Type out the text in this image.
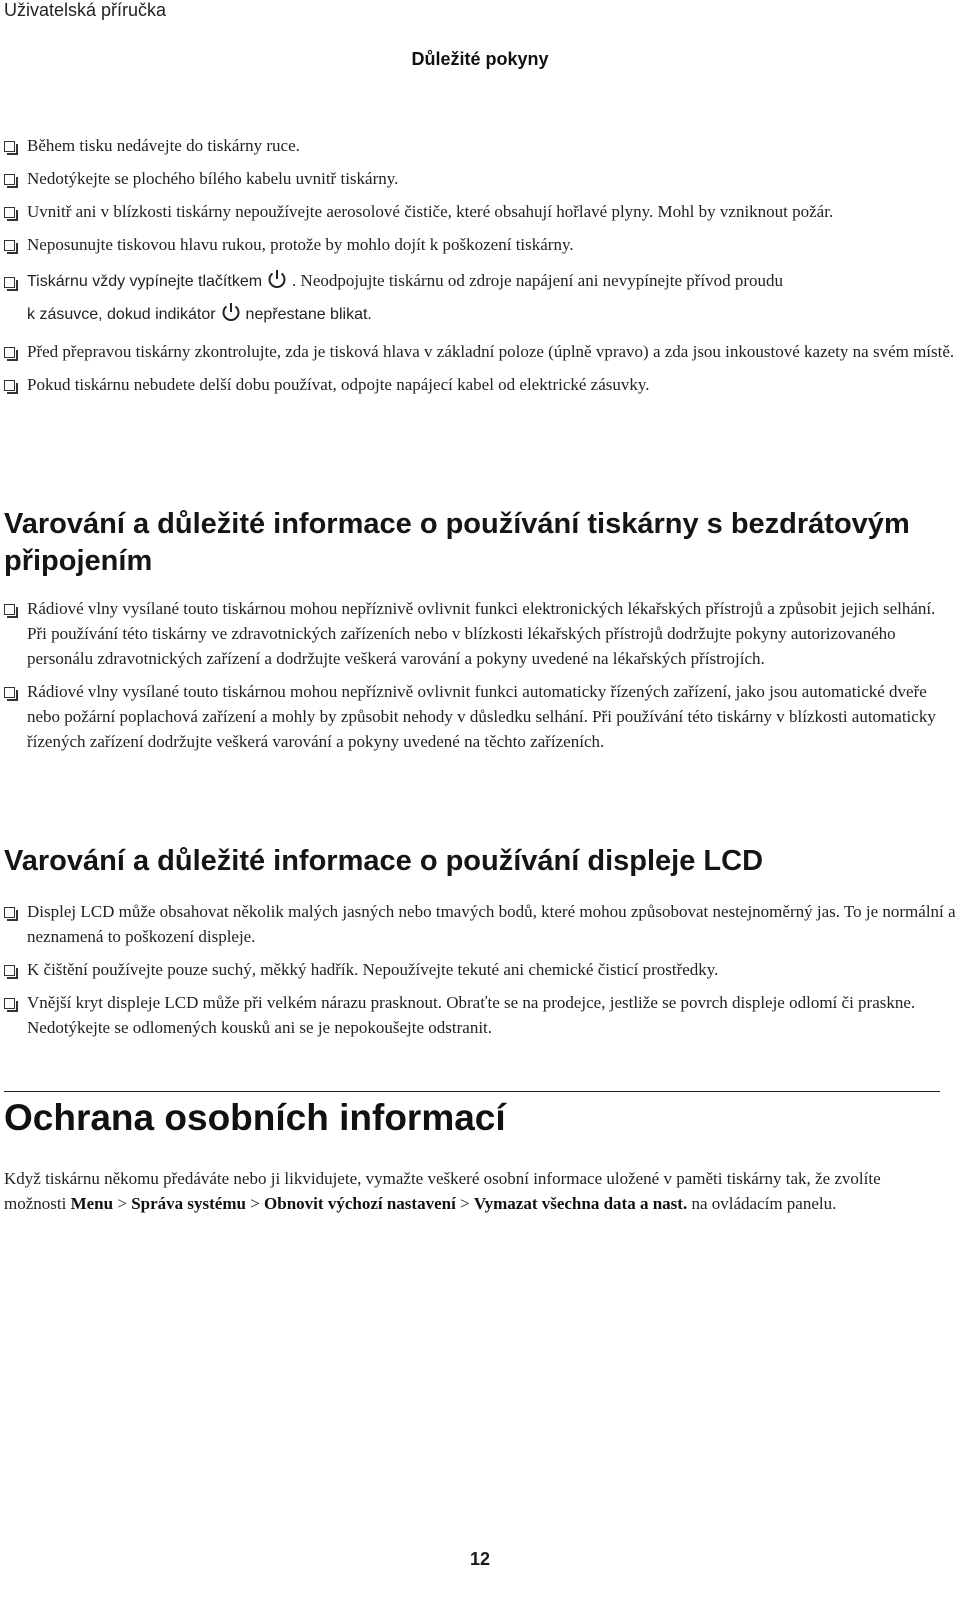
Uživatelská příručka
Důležité pokyny
Během tisku nedávejte do tiskárny ruce.
Nedotýkejte se plochého bílého kabelu uvnitř tiskárny.
Uvnitř ani v blízkosti tiskárny nepoužívejte aerosolové čističe, které obsahují hořlavé plyny. Mohl by vzniknout požár.
Neposunujte tiskovou hlavu rukou, protože by mohlo dojít k poškození tiskárny.
Tiskárnu vždy vypínejte tlačítkem . Neodpojujte tiskárnu od zdroje napájení ani nevypínejte přívod proudu
k zásuvce, dokud indikátor nepřestane blikat.
Před přepravou tiskárny zkontrolujte, zda je tisková hlava v základní poloze (úplně vpravo) a zda jsou inkoustové kazety na svém místě.
Pokud tiskárnu nebudete delší dobu používat, odpojte napájecí kabel od elektrické zásuvky.
Varování a důležité informace o používání tiskárny s bezdrátovým připojením
Rádiové vlny vysílané touto tiskárnou mohou nepříznivě ovlivnit funkci elektronických lékařských přístrojů a způsobit jejich selhání. Při používání této tiskárny ve zdravotnických zařízeních nebo v blízkosti lékařských přístrojů dodržujte pokyny autorizovaného personálu zdravotnických zařízení a dodržujte veškerá varování a pokyny uvedené na lékařských přístrojích.
Rádiové vlny vysílané touto tiskárnou mohou nepříznivě ovlivnit funkci automaticky řízených zařízení, jako jsou automatické dveře nebo požární poplachová zařízení a mohly by způsobit nehody v důsledku selhání. Při používání této tiskárny v blízkosti automaticky řízených zařízení dodržujte veškerá varování a pokyny uvedené na těchto zařízeních.
Varování a důležité informace o používání displeje LCD
Displej LCD může obsahovat několik malých jasných nebo tmavých bodů, které mohou způsobovat nestejnoměrný jas. To je normální a neznamená to poškození displeje.
K čištění používejte pouze suchý, měkký hadřík. Nepoužívejte tekuté ani chemické čisticí prostředky.
Vnější kryt displeje LCD může při velkém nárazu prasknout. Obraťte se na prodejce, jestliže se povrch displeje odlomí či praskne. Nedotýkejte se odlomených kousků ani se je nepokoušejte odstranit.
Ochrana osobních informací
Když tiskárnu někomu předáváte nebo ji likvidujete, vymažte veškeré osobní informace uložené v paměti tiskárny tak, že zvolíte možnosti Menu > Správa systému > Obnovit výchozí nastavení > Vymazat všechna data a nast. na ovládacím panelu.
12
